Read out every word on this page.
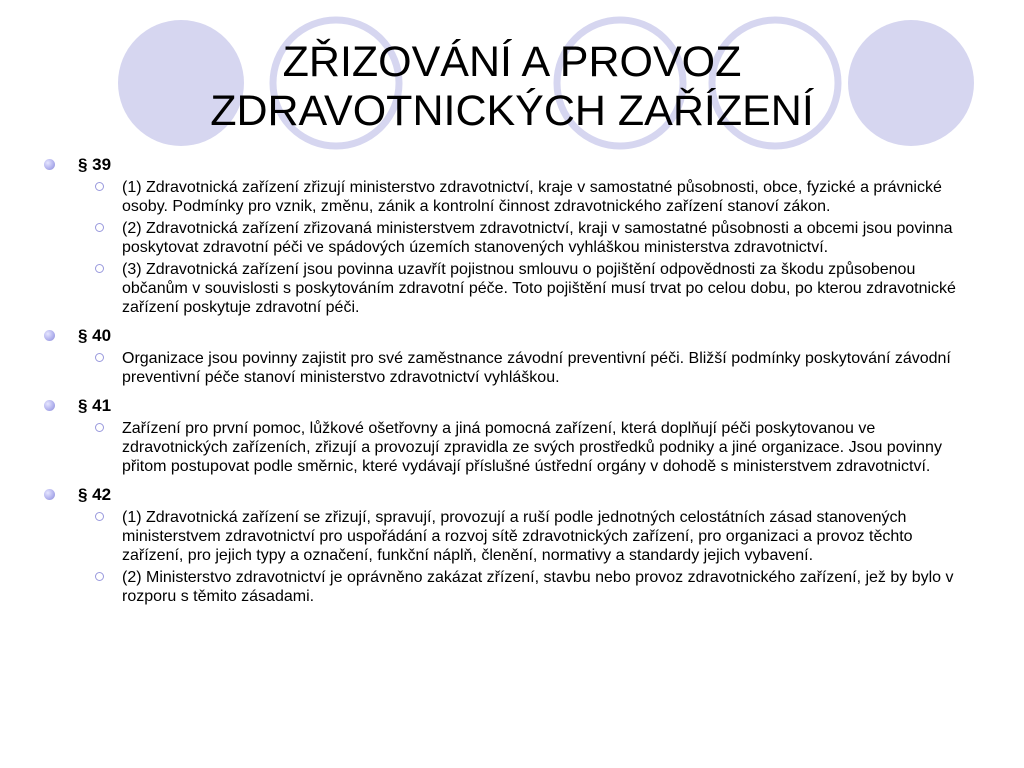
ZŘIZOVÁNÍ A PROVOZ ZDRAVOTNICKÝCH ZAŘÍZENÍ
§ 39
(1) Zdravotnická zařízení zřizují ministerstvo zdravotnictví, kraje v samostatné působnosti, obce, fyzické a právnické osoby. Podmínky pro vznik, změnu, zánik a kontrolní činnost zdravotnického zařízení stanoví zákon.
(2) Zdravotnická zařízení zřizovaná ministerstvem zdravotnictví, kraji v samostatné působnosti a obcemi jsou povinna poskytovat zdravotní péči ve spádových územích stanovených vyhláškou ministerstva zdravotnictví.
(3) Zdravotnická zařízení jsou povinna uzavřít pojistnou smlouvu o pojištění odpovědnosti za škodu způsobenou občanům v souvislosti s poskytováním zdravotní péče. Toto pojištění musí trvat po celou dobu, po kterou zdravotnické zařízení poskytuje zdravotní péči.
§ 40
Organizace jsou povinny zajistit pro své zaměstnance závodní preventivní péči. Bližší podmínky poskytování závodní preventivní péče stanoví ministerstvo zdravotnictví vyhláškou.
§ 41
Zařízení pro první pomoc, lůžkové ošetřovny a jiná pomocná zařízení, která doplňují péči poskytovanou ve zdravotnických zařízeních, zřizují a provozují zpravidla ze svých prostředků podniky a jiné organizace. Jsou povinny přitom postupovat podle směrnic, které vydávají příslušné ústřední orgány v dohodě s ministerstvem zdravotnictví.
§ 42
(1) Zdravotnická zařízení se zřizují, spravují, provozují a ruší podle jednotných celostátních zásad stanovených ministerstvem zdravotnictví pro uspořádání a rozvoj sítě zdravotnických zařízení, pro organizaci a provoz těchto zařízení, pro jejich typy a označení, funkční náplň, členění, normativy a standardy jejich vybavení.
(2) Ministerstvo zdravotnictví je oprávněno zakázat zřízení, stavbu nebo provoz zdravotnického zařízení, jež by bylo v rozporu s těmito zásadami.
